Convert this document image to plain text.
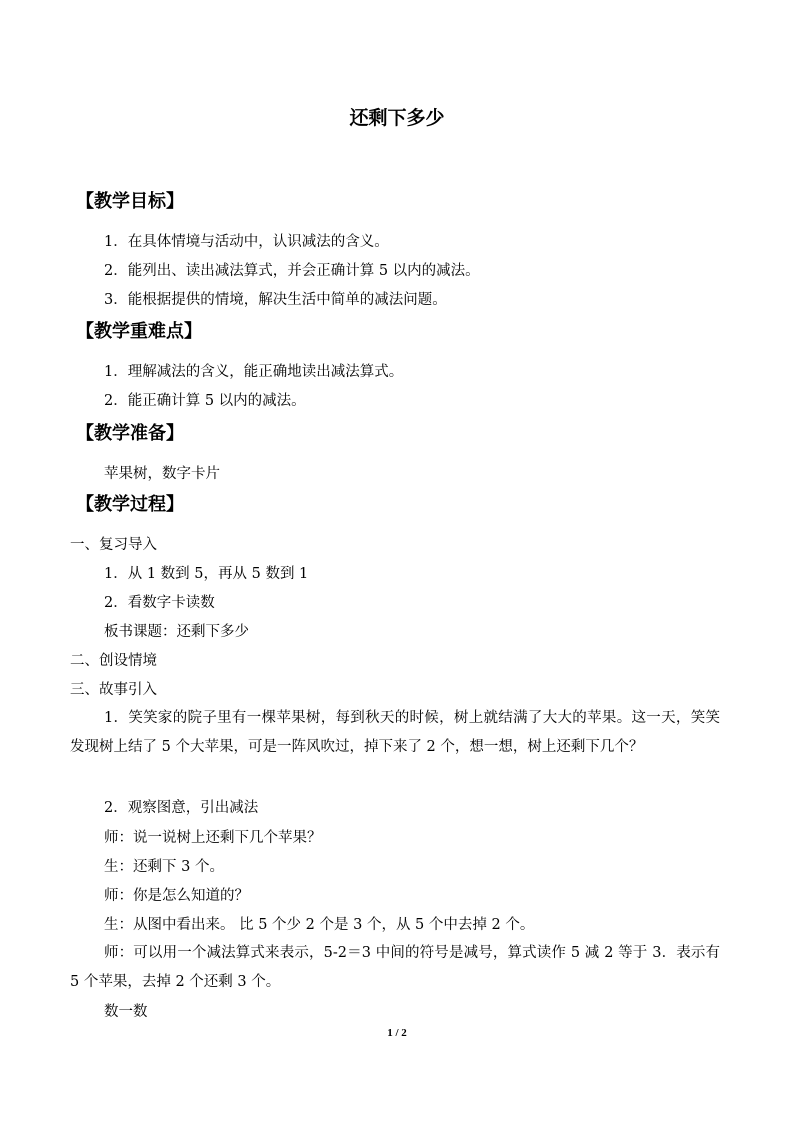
还剩下多少
【教学目标】
1．在具体情境与活动中，认识减法的含义。
2．能列出、读出减法算式，并会正确计算 5 以内的减法。
3．能根据提供的情境，解决生活中简单的减法问题。
【教学重难点】
1．理解减法的含义，能正确地读出减法算式。
2．能正确计算 5 以内的减法。
【教学准备】
苹果树，数字卡片
【教学过程】
一、复习导入
1．从 1 数到 5，再从 5 数到 1
2．看数字卡读数
板书课题：还剩下多少
二、创设情境
三、故事引入
1．笑笑家的院子里有一棵苹果树，每到秋天的时候，树上就结满了大大的苹果。这一天，笑笑发现树上结了 5 个大苹果，可是一阵风吹过，掉下来了 2 个，想一想，树上还剩下几个？
2．观察图意，引出减法
师：说一说树上还剩下几个苹果？
生：还剩下 3 个。
师：你是怎么知道的？
生：从图中看出来。 比 5 个少 2 个是 3 个，从 5 个中去掉 2 个。
师：可以用一个减法算式来表示，5-2＝3 中间的符号是减号，算式读作 5 减 2 等于 3．表示有 5 个苹果，去掉 2 个还剩 3 个。
数一数
1 / 2
